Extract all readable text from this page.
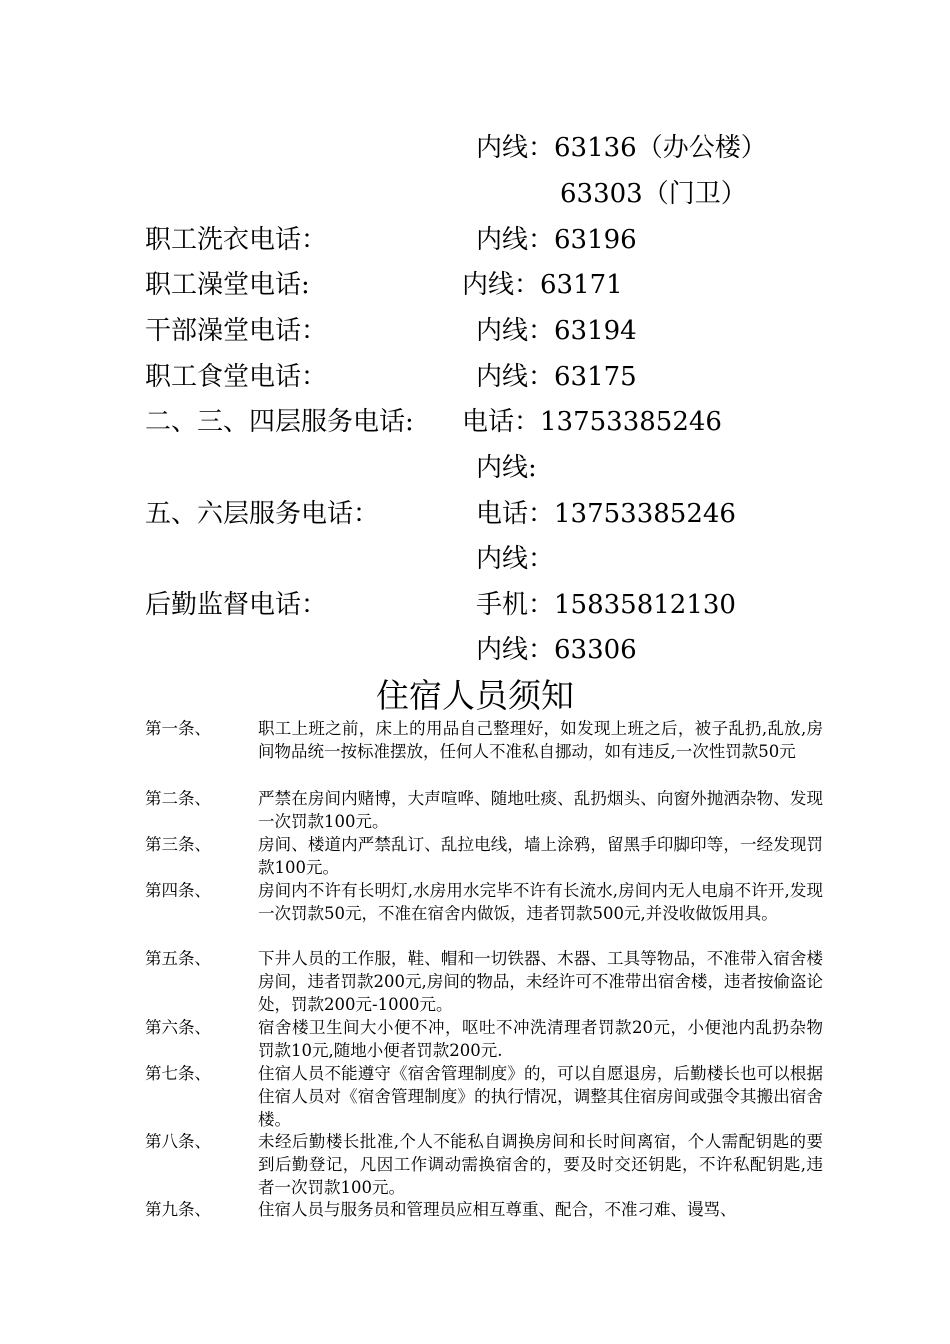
内线：63136（办公楼）
63303（门卫）
职工洗衣电话：	内线：63196
职工澡堂电话:	内线：63171
干部澡堂电话：	内线：63194
职工食堂电话：	内线：63175
二、三、四层服务电话: 电话：13753385246
内线:
五、六层服务电话：	电话：13753385246
内线：
后勤监督电话：	手机：15835812130
内线：63306
住宿人员须知
第一条、	职工上班之前，床上的用品自己整理好，如发现上班之后，被子乱扔,乱放,房间物品统一按标准摆放，任何人不准私自挪动，如有违反,一次性罚款50元
第二条、	严禁在房间内赌博，大声喧哗、随地吐痰、乱扔烟头、向窗外抛洒杂物、发现一次罚款100元。
第三条、	房间、楼道内严禁乱订、乱拉电线，墙上涂鸦，留黑手印脚印等，一经发现罚款100元。
第四条、	房间内不许有长明灯,水房用水完毕不许有长流水,房间内无人电扇不许开,发现一次罚款50元，不准在宿舍内做饭，违者罚款500元,并没收做饭用具。
第五条、	下井人员的工作服，鞋、帽和一切铁器、木器、工具等物品，不准带入宿舍楼房间，违者罚款200元,房间的物品，未经许可不准带出宿舍楼，违者按偷盗论处，罚款200元-1000元。
第六条、	宿舍楼卫生间大小便不冲，呕吐不冲洗清理者罚款20元，小便池内乱扔杂物罚款10元,随地小便者罚款200元.
第七条、	住宿人员不能遵守《宿舍管理制度》的，可以自愿退房，后勤楼长也可以根据住宿人员对《宿舍管理制度》的执行情况，调整其住宿房间或强令其搬出宿舍楼。
第八条、	未经后勤楼长批准,个人不能私自调换房间和长时间离宿，个人需配钥匙的要到后勤登记，凡因工作调动需换宿舍的，要及时交还钥匙，不许私配钥匙,违者一次罚款100元。
第九条、	住宿人员与服务员和管理员应相互尊重、配合，不准刁难、谩骂、
